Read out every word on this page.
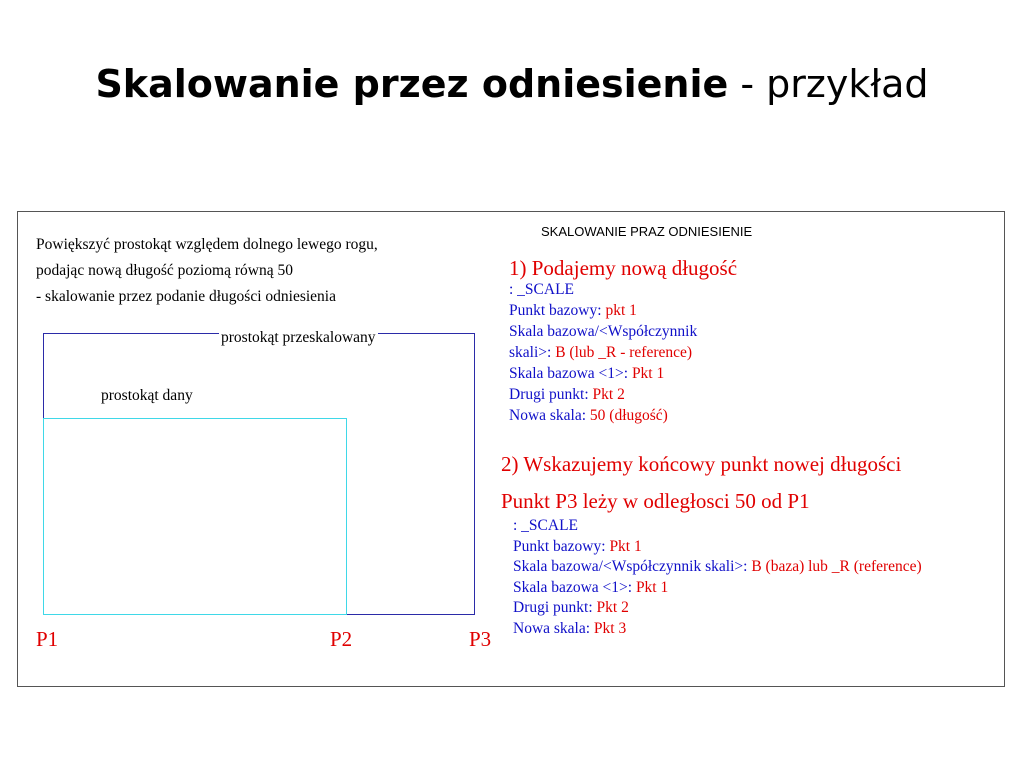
Skalowanie przez odniesienie - przykład
Powiększyć prostokąt względem dolnego lewego rogu,
podając nową długość poziomą równą 50
- skalowanie przez podanie długości odniesienia
prostokąt przeskalowany
prostokąt dany
P1	P2	P3
SKALOWANIE PRAZ ODNIESIENIE
1) Podajemy nową długość
: _SCALE
Punkt bazowy: pkt 1
Skala bazowa/<Współczynnik
skali>: B (lub _R - reference)
Skala bazowa <1>: Pkt 1
Drugi punkt: Pkt 2
Nowa skala: 50 (długość)
2) Wskazujemy końcowy punkt nowej długości
Punkt P3 leży w odległosci 50 od P1
: _SCALE
Punkt bazowy: Pkt 1
Skala bazowa/<Współczynnik skali>: B (baza) lub _R (reference)
Skala bazowa <1>: Pkt 1
Drugi punkt: Pkt 2
Nowa skala: Pkt 3
